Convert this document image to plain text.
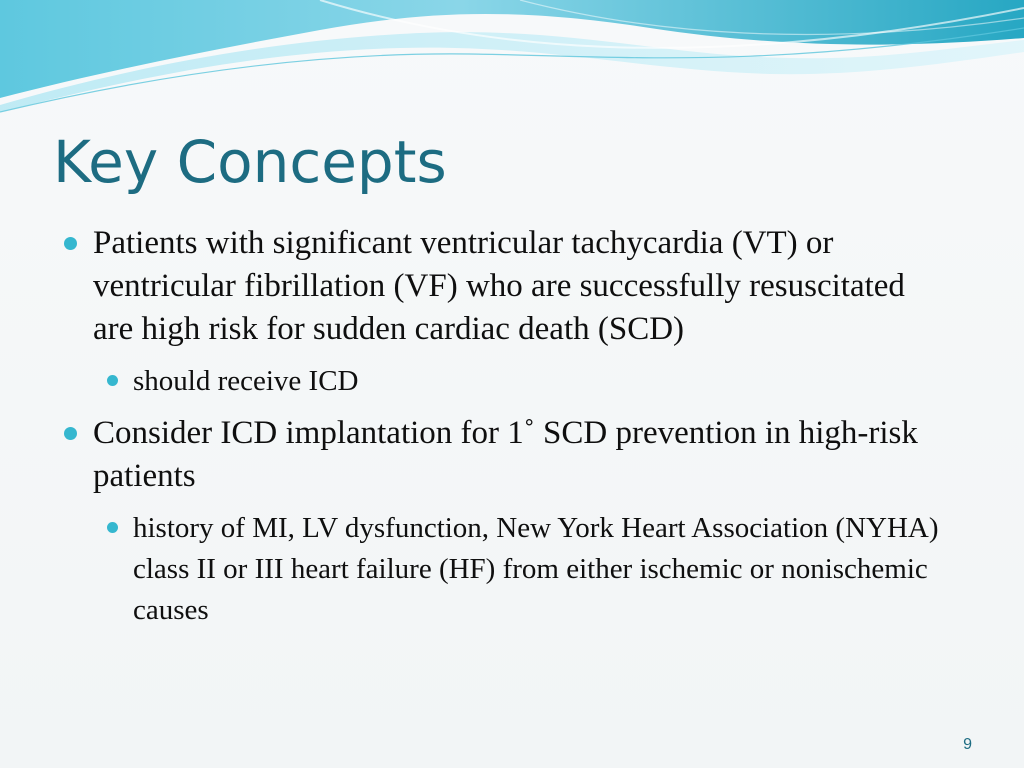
Key Concepts
Patients with significant ventricular tachycardia (VT) or ventricular fibrillation (VF) who are successfully resuscitated are high risk for sudden cardiac death (SCD)
should receive ICD
Consider ICD implantation for 1˚ SCD prevention in high-risk patients
history of MI, LV dysfunction, New York Heart Association (NYHA) class II or III heart failure (HF) from either ischemic or nonischemic causes
9
